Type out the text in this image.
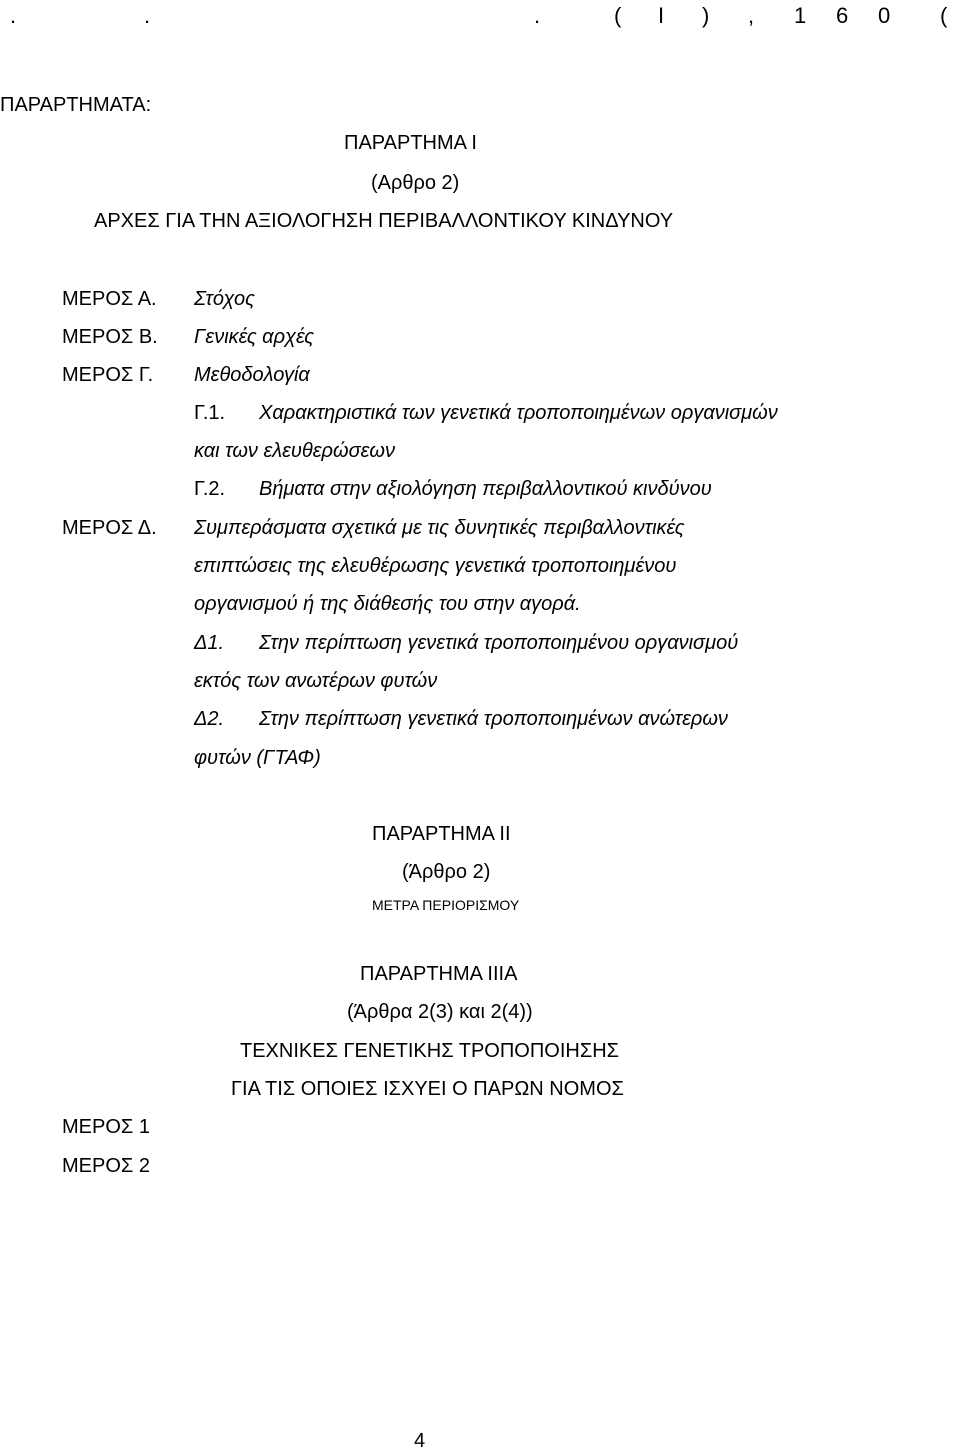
.	.	.	( I ) , 1 6 0 (
ΠΑΡΑΡΤΗΜΑΤΑ:
ΠΑΡΑΡΤΗΜΑ Ι
(Αρθρο 2)
ΑΡΧΕΣ ΓΙΑ ΤΗΝ ΑΞΙΟΛΟΓΗΣΗ ΠΕΡΙΒΑΛΛΟΝΤΙΚΟΥ ΚΙΝΔΥΝΟΥ
ΜΕΡΟΣ Α. Στόχος
ΜΕΡΟΣ Β. Γενικές αρχές
ΜΕΡΟΣ Γ. Μεθοδολογία
Γ.1. Χαρακτηριστικά των γενετικά τροποποιημένων οργανισμών
και των ελευθερώσεων
Γ.2. Βήματα στην αξιολόγηση περιβαλλοντικού κινδύνου
ΜΕΡΟΣ Δ. Συμπεράσματα σχετικά με τις δυνητικές περιβαλλοντικές
επιπτώσεις της ελευθέρωσης γενετικά τροποποιημένου
οργανισμού ή της διάθεσής του στην αγορά.
Δ1. Στην περίπτωση γενετικά τροποποιημένου οργανισμού
εκτός των ανωτέρων φυτών
Δ2. Στην περίπτωση γενετικά τροποποιημένων ανώτερων
φυτών (ΓΤΑΦ)
ΠΑΡΑΡΤΗΜΑ ΙΙ
(Άρθρο 2)
ΜΕΤΡΑ ΠΕΡΙΟΡΙΣΜΟΥ
ΠΑΡΑΡΤΗΜΑ ΙΙΙΑ
(Άρθρα 2(3) και 2(4))
ΤΕΧΝΙΚΕΣ ΓΕΝΕΤΙΚΗΣ ΤΡΟΠΟΠΟΙΗΣΗΣ
ΓΙΑ ΤΙΣ ΟΠΟΙΕΣ ΙΣΧΥΕΙ Ο ΠΑΡΩΝ ΝΟΜΟΣ
ΜΕΡΟΣ 1
ΜΕΡΟΣ 2
4
